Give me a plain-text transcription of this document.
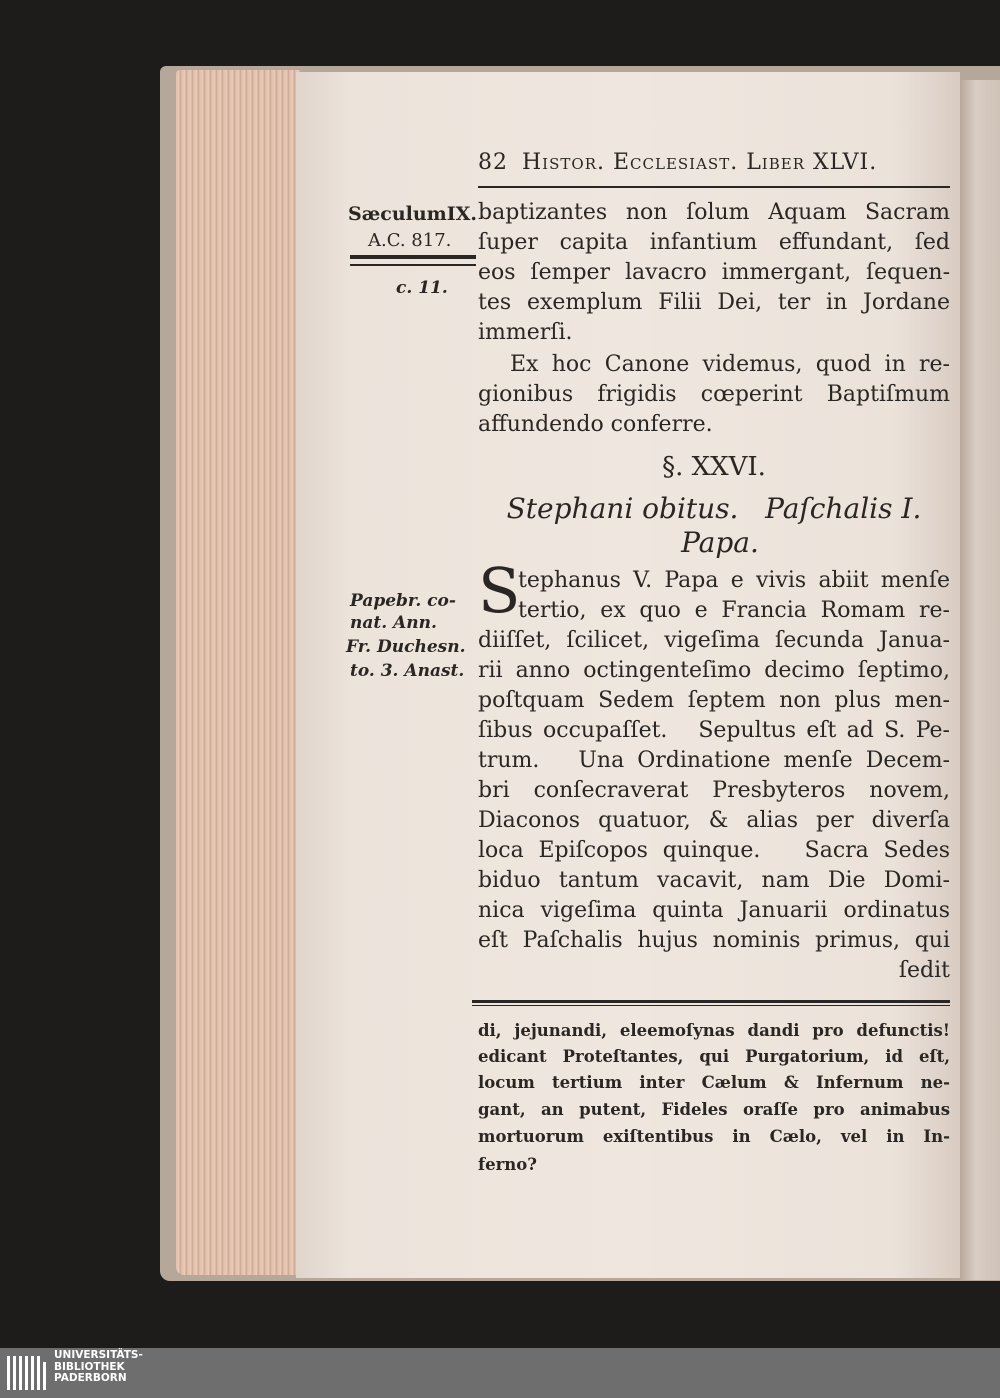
82 Histor. Ecclesiast. Liber XLVI.
SæculumIX.
A.C. 817.
c. 11.
Papebr. co-
nat. Ann.
Fr. Duchesn.
to. 3. Anast.
baptizantes non ſolum Aquam Sacram
ſuper capita infantium effundant, ſed
eos ſemper lavacro immergant, ſequen-
tes exemplum Filii Dei, ter in Jordane
immerſi.
Ex hoc Canone videmus, quod in re-
gionibus frigidis cœperint Baptiſmum
affundendo conferre.
§. XXVI.
Stephani obitus.   Paſchalis I.
Papa.
S
tephanus V. Papa e vivis abiit menſe
tertio, ex quo e Francia Romam re-
diiſſet, ſcilicet, vigeſima ſecunda Janua-
rii anno octingenteſimo decimo ſeptimo,
poſtquam Sedem ſeptem non plus men-
ſibus occupaſſet.   Sepultus eſt ad S. Pe-
trum.   Una Ordinatione menſe Decem-
bri conſecraverat Presbyteros novem,
Diaconos quatuor, & alias per diverſa
loca Epiſcopos quinque.   Sacra Sedes
biduo tantum vacavit, nam Die Domi-
nica vigeſima quinta Januarii ordinatus
eſt Paſchalis hujus nominis primus, qui
ſedit
di, jejunandi, eleemoſynas dandi pro defunctis!
edicant Proteſtantes, qui Purgatorium, id eſt,
locum tertium inter Cælum & Infernum ne-
gant, an putent, Fideles oraſſe pro animabus
mortuorum exiſtentibus in Cælo, vel in In-
ferno?
UNIVERSITÄTS-
BIBLIOTHEK
PADERBORN
